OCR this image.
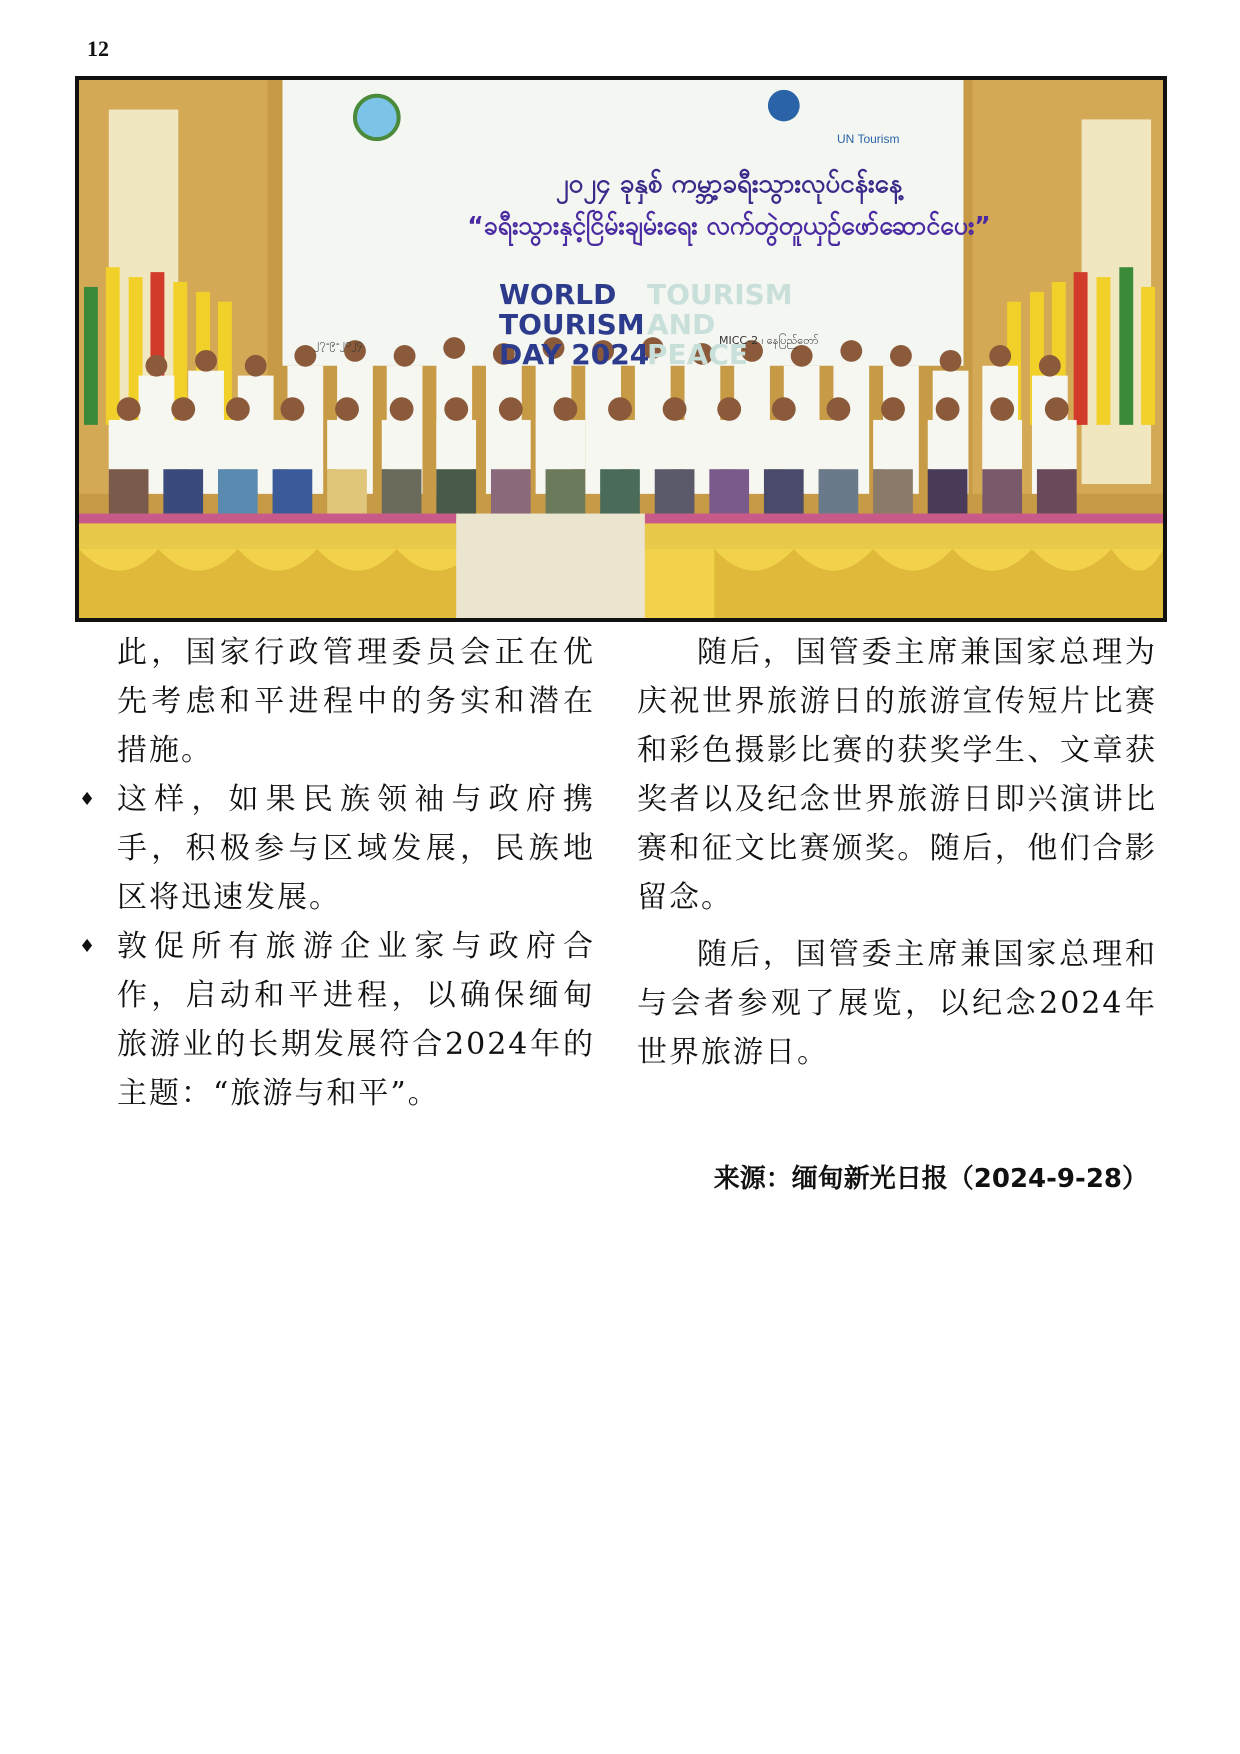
12
UN Tourism
၂၀၂၄ ခုနှစ် ကမ္ဘာ့ခရီးသွားလုပ်ငန်းနေ့
“ခရီးသွားနှင့်ငြိမ်းချမ်းရေး လက်တွဲတူယှဉ်ဖော်ဆောင်ပေး”
WORLD
TOURISM
DAY 2024
TOURISM
AND
PEACE
၂၇-၉-၂၀၂၄	MICC-2 ၊ နေပြည်တော်

此，国家行政管理委员会正在优先考虑和平进程中的务实和潜在措施。

♦ 这样，如果民族领袖与政府携手，积极参与区域发展，民族地区将迅速发展。

♦ 敦促所有旅游企业家与政府合作，启动和平进程，以确保缅甸旅游业的长期发展符合2024年的主题：“旅游与和平”。

随后，国管委主席兼国家总理为庆祝世界旅游日的旅游宣传短片比赛和彩色摄影比赛的获奖学生、文章获奖者以及纪念世界旅游日即兴演讲比赛和征文比赛颁奖。随后，他们合影留念。

随后，国管委主席兼国家总理和与会者参观了展览，以纪念2024年世界旅游日。

来源：缅甸新光日报（2024-9-28）
